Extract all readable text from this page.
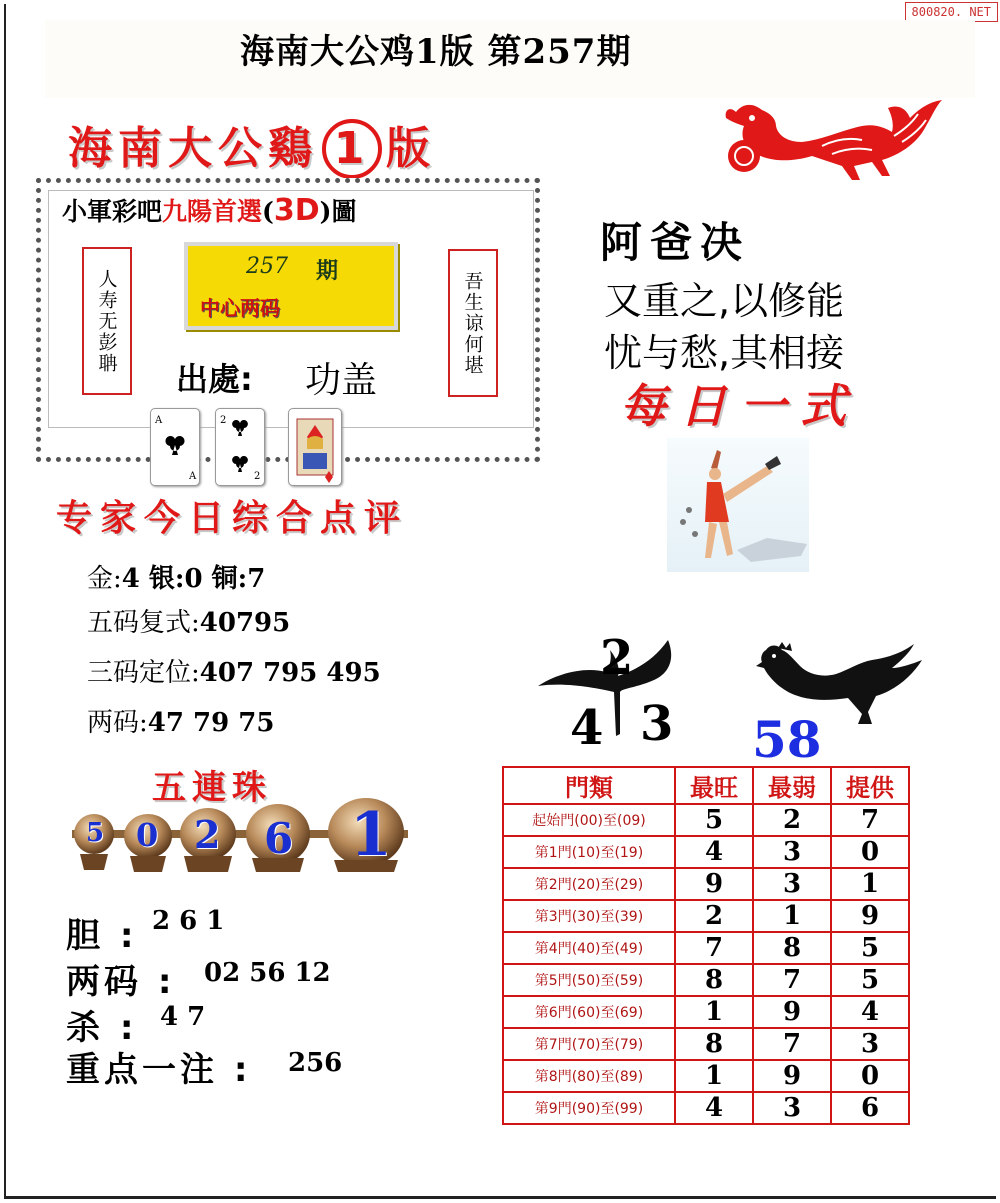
800820. NET
海南大公鸡1版 第257期
海南大公鷄 1 版
小軍彩吧九陽首選(3D)圖
人寿无彭聃	吾生谅何堪
257 期
中心两码
出處: 功盖
A
A
2
2
阿爸决
又重之,以修能
忧与愁,其相接
每日一式
专家今日综合点评
金:4 银:0 铜:7
五码复式:40795
三码定位:407 795 495
两码:47 79 75
2
4 3 58
五連珠
5 0 2 6 1
胆 : 2 6 1
两码 : 02 56 12
杀 : 4 7
重点一注 : 256
門類	最旺	最弱	提供
起始門(00)至(09)	5	2	7
第1門(10)至(19)	4	3	0
第2門(20)至(29)	9	3	1
第3門(30)至(39)	2	1	9
第4門(40)至(49)	7	8	5
第5門(50)至(59)	8	7	5
第6門(60)至(69)	1	9	4
第7門(70)至(79)	8	7	3
第8門(80)至(89)	1	9	0
第9門(90)至(99)	4	3	6
